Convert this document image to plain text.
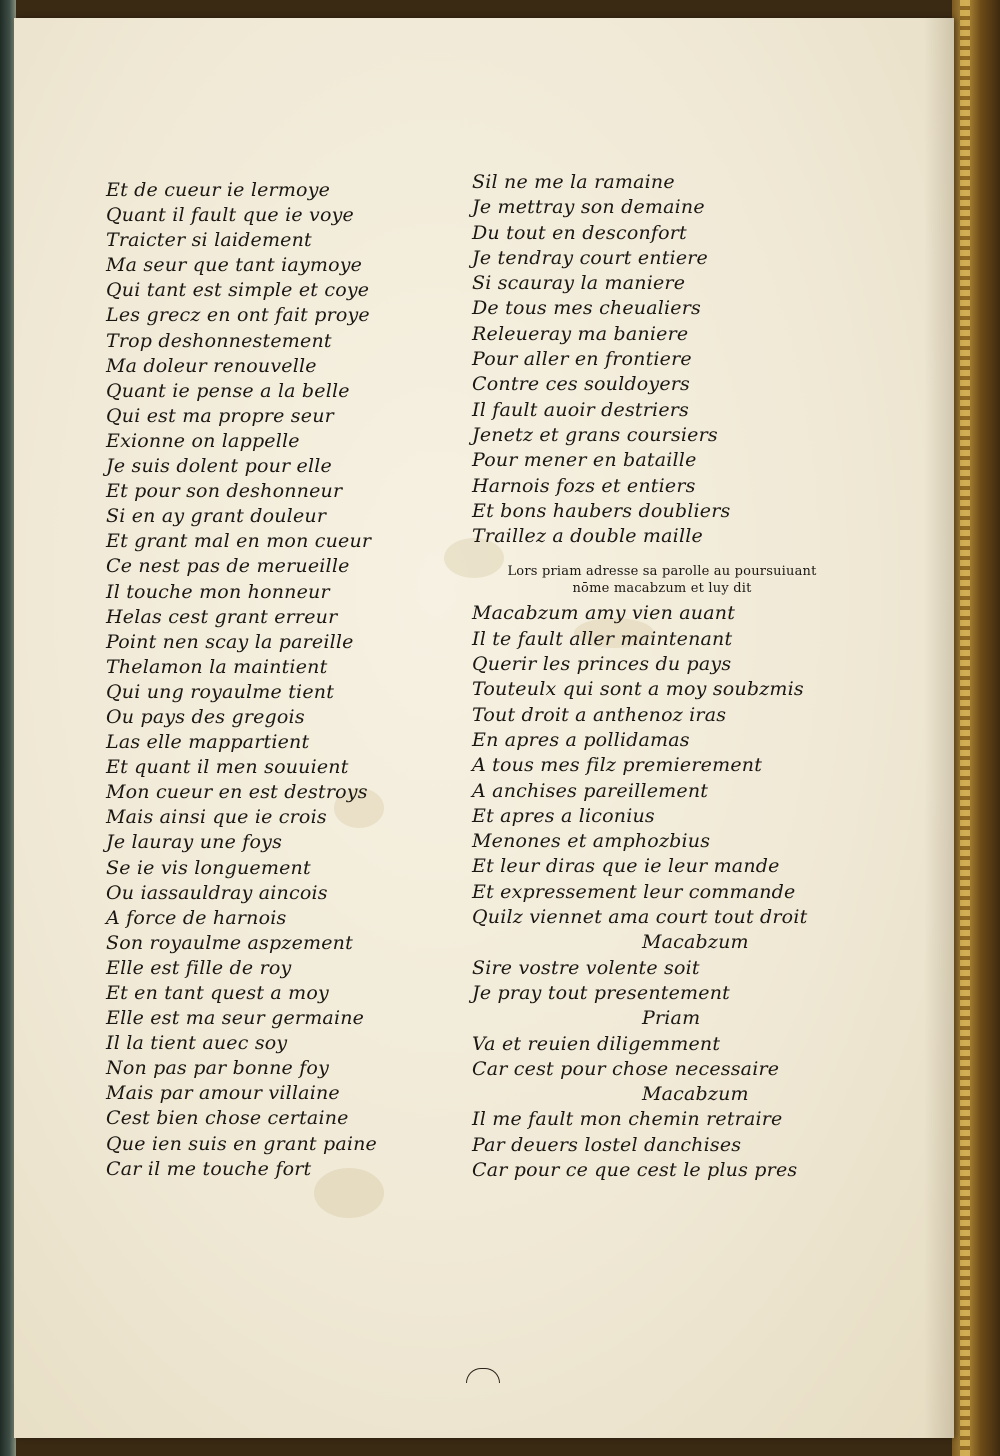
Et de cueur ie lermoye
Quant il fault que ie voye
Traicter si laidement
Ma seur que tant iaymoye
Qui tant est simple et coye
Les grecz en ont fait proye
Trop deshonnestement
Ma doleur renouvelle
Quant ie pense a la belle
Qui est ma propre seur
Exionne on lappelle
Je suis dolent pour elle
Et pour son deshonneur
Si en ay grant douleur
Et grant mal en mon cueur
Ce nest pas de merueille
Il touche mon honneur
Helas cest grant erreur
Point nen scay la pareille
Thelamon la maintient
Qui ung royaulme tient
Ou pays des gregois
Las elle mappartient
Et quant il men souuient
Mon cueur en est destroys
Mais ainsi que ie crois
Je lauray une foys
Se ie vis longuement
Ou iassauldray aincois
A force de harnois
Son royaulme aspzement
Elle est fille de roy
Et en tant quest a moy
Elle est ma seur germaine
Il la tient auec soy
Non pas par bonne foy
Mais par amour villaine
Cest bien chose certaine
Que ien suis en grant paine
Car il me touche fort
Sil ne me la ramaine
Je mettray son demaine
Du tout en desconfort
Je tendray court entiere
Si scauray la maniere
De tous mes cheualiers
Releueray ma baniere
Pour aller en frontiere
Contre ces souldoyers
Il fault auoir destriers
Jenetz et grans coursiers
Pour mener en bataille
Harnois fozs et entiers
Et bons haubers doubliers
Traillez a double maille
Lors priam adresse sa parolle au poursuiuant
nōme macabzum et luy dit
Macabzum amy vien auant
Il te fault aller maintenant
Querir les princes du pays
Touteulx qui sont a moy soubzmis
Tout droit a anthenoz iras
En apres a pollidamas
A tous mes filz premierement
A anchises pareillement
Et apres a liconius
Menones et amphozbius
Et leur diras que ie leur mande
Et expressement leur commande
Quilz viennet ama court tout droit
Macabzum
Sire vostre volente soit
Je pray tout presentement
Priam
Va et reuien diligemment
Car cest pour chose necessaire
Macabzum
Il me fault mon chemin retraire
Par deuers lostel danchises
Car pour ce que cest le plus pres
